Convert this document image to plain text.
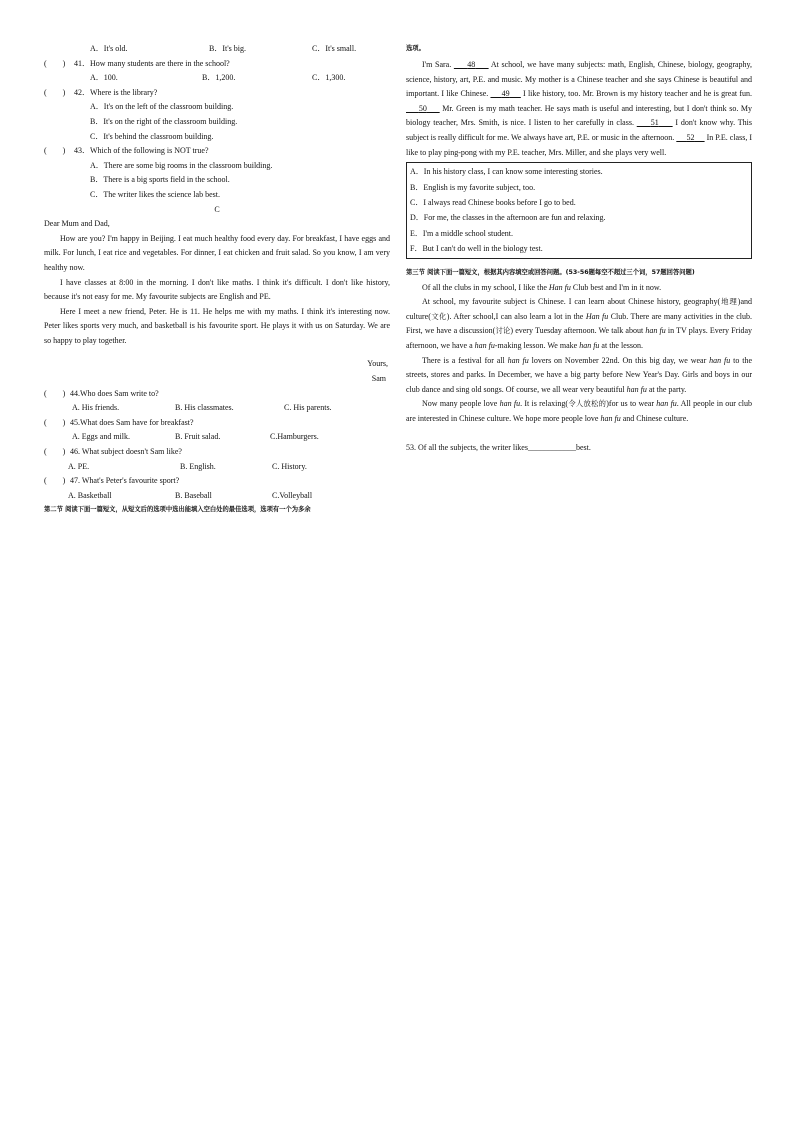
A．It's old.	B．It's big.	C．It's small.
(　　) 41．How many students are there in the school?
A．100.	B．1,200.	C．1,300.
(　　) 42．Where is the library?
A．It's on the left of the classroom building.
B．It's on the right of the classroom building.
C．It's behind the classroom building.
(　　) 43．Which of the following is NOT true?
A．There are some big rooms in the classroom building.
B．There is a big sports field in the school.
C．The writer likes the science lab best.
C
Dear Mum and Dad,
How are you? I'm happy in Beijing. I eat much healthy food every day. For breakfast, I have eggs and milk. For lunch, I eat rice and vegetables. For dinner, I eat chicken and fruit salad. So you know, I am very healthy now.
I have classes at 8:00 in the morning. I don't like maths. I think it's difficult. I don't like history, because it's not easy for me. My favourite subjects are English and PE.
Here I meet a new friend, Peter. He is 11. He helps me with my maths. I think it's interesting now. Peter likes sports very much, and basketball is his favourite sport. He plays it with us on Saturday. We are so happy to play together.
Yours,
Sam
(　　) 44.Who does Sam write to?
A. His friends.	B. His classmates.	C. His parents.
(　　) 45.What does Sam have for breakfast?
A. Eggs and milk.	B. Fruit salad.	C.Hamburgers.
(　　) 46. What subject doesn't Sam like?
A. PE.	B. English.	C. History.
(　　) 47. What's Peter's favourite sport?
A. Basketball	B. Baseball	C.Volleyball
第二节 阅读下面一篇短文，从短文后的选项中选出能填入空白处的最佳选项，选项有一个为多余
选项。
I'm Sara.      48      At school, we have many subjects: math, English, Chinese, biology, geography, science, history, art, P.E. and music. My mother is a Chinese teacher and she says Chinese is beautiful and important. I like Chinese.      49      I like history, too. Mr. Brown is my history teacher and he is great fun.      50      Mr. Green is my math teacher. He says math is useful and interesting, but I don't think so. My biology teacher, Mrs. Smith, is nice. I listen to her carefully in class.      51      I don't know why. This subject is really difficult for me. We always have art, P.E. or music in the afternoon.      52      In P.E. class, I like to play ping-pong with my P.E. teacher, Mrs. Miller, and she plays very well.
A．In his history class, I can know some interesting stories.
B．English is my favorite subject, too.
C．I always read Chinese books before I go to bed.
D．For me, the classes in the afternoon are fun and relaxing.
E．I'm a middle school student.
F．But I can't do well in the biology test.
第三节 阅读下面一篇短文，根据其内容填空或回答问题。(53-56题每空不超过三个词，57题回答问题)
Of all the clubs in my school, I like the Han fu Club best and I'm in it now.
At school, my favourite subject is Chinese. I can learn about Chinese history, geography(地理)and culture(文化). After school,I can also learn a lot in the Han fu Club. There are many activities in the club. First, we have a discussion(讨论) every Tuesday afternoon. We talk about han fu in TV plays. Every Friday afternoon, we have a han fu-making lesson. We make han fu at the lesson.
There is a festival for all han fu lovers on November 22nd. On this big day, we wear han fu to the streets, stores and parks. In December, we have a big party before New Year's Day. Girls and boys in our club dance and sing old songs. Of course, we all wear very beautiful han fu at the party.
Now many people love han fu. It is relaxing(令人放松的)for us to wear han fu. All people in our club are interested in Chinese culture. We hope more people love han fu and Chinese culture.
53. Of all the subjects, the writer likes____________best.
